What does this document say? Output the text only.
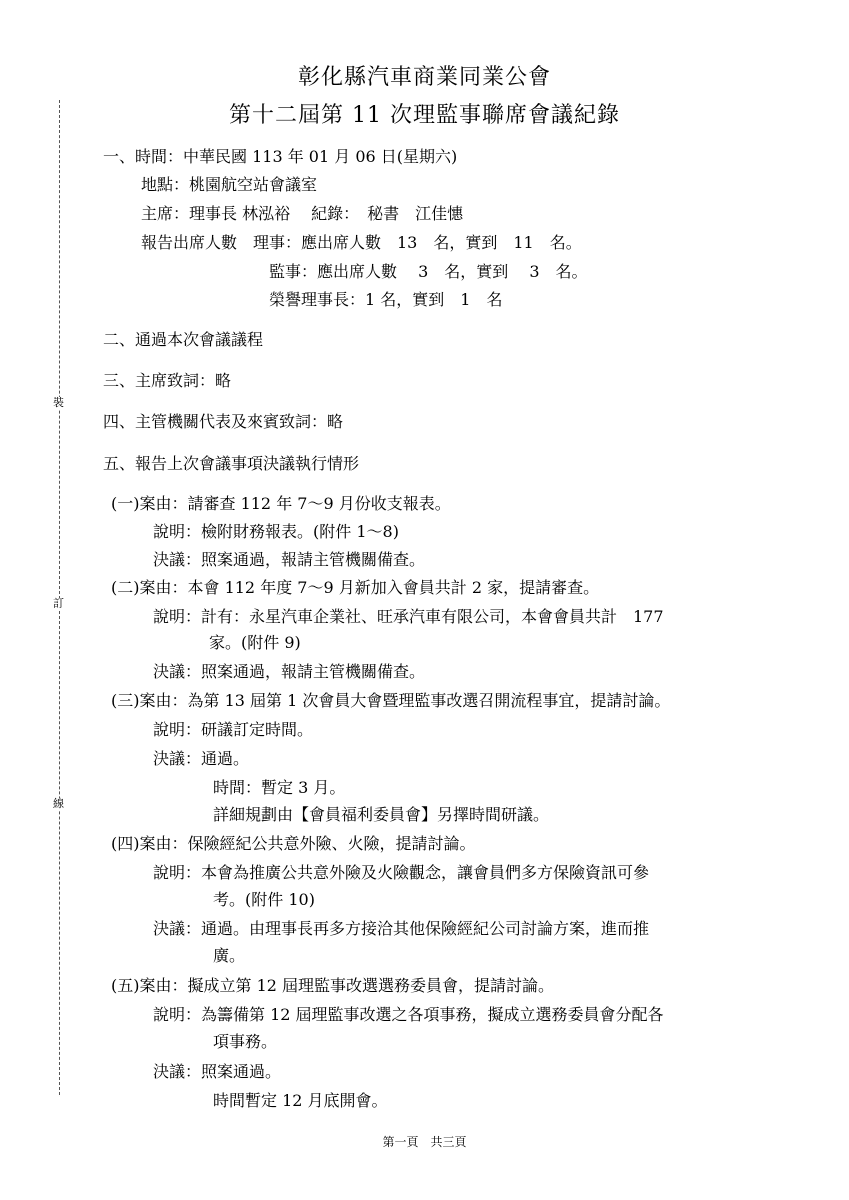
裝
訂
線
彰化縣汽車商業同業公會
第十二屆第 11 次理監事聯席會議紀錄
一、時間：中華民國 113 年 01 月 06 日(星期六)
地點：桃園航空站會議室
主席：理事長 林泓裕　 紀錄：　秘書　江佳憓
報告出席人數　理事：應出席人數　13　名，實到　11　名。
監事：應出席人數　 3　名，實到　 3　名。
榮譽理事長：1 名，實到　1　名
二、通過本次會議議程
三、主席致詞：略
四、主管機關代表及來賓致詞：略
五、報告上次會議事項決議執行情形
(一)案由：請審查 112 年 7～9 月份收支報表。
說明：檢附財務報表。(附件 1～8)
決議：照案通過，報請主管機關備查。
(二)案由：本會 112 年度 7～9 月新加入會員共計 2 家，提請審查。
說明：計有：永星汽車企業社、旺承汽車有限公司，本會會員共計　177
家。(附件 9)
決議：照案通過，報請主管機關備查。
(三)案由：為第 13 屆第 1 次會員大會暨理監事改選召開流程事宜，提請討論。
說明：研議訂定時間。
決議：通過。
時間：暫定 3 月。
詳細規劃由【會員福利委員會】另擇時間研議。
(四)案由：保險經紀公共意外險、火險，提請討論。
說明：本會為推廣公共意外險及火險觀念，讓會員們多方保險資訊可參
考。(附件 10)
決議：通過。由理事長再多方接洽其他保險經紀公司討論方案，進而推
廣。
(五)案由：擬成立第 12 屆理監事改選選務委員會，提請討論。
說明：為籌備第 12 屆理監事改選之各項事務，擬成立選務委員會分配各
項事務。
決議：照案通過。
時間暫定 12 月底開會。
第一頁　共三頁
